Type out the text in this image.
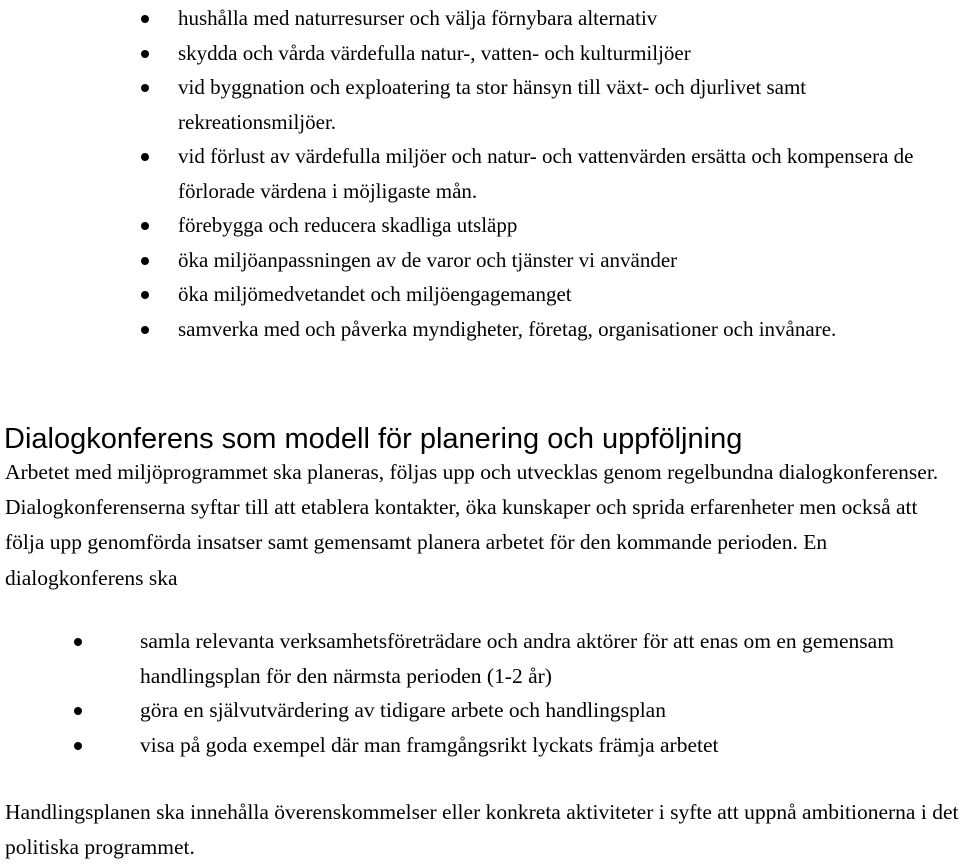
hushålla med naturresurser och välja förnybara alternativ
skydda och vårda värdefulla natur-, vatten- och kulturmiljöer
vid byggnation och exploatering ta stor hänsyn till växt- och djurlivet samt rekreationsmiljöer.
vid förlust av värdefulla miljöer och natur- och vattenvärden ersätta och kompensera de förlorade värdena i möjligaste mån.
förebygga och reducera skadliga utsläpp
öka miljöanpassningen av de varor och tjänster vi använder
öka miljömedvetandet och miljöengagemanget
samverka med och påverka myndigheter, företag, organisationer och invånare.
Dialogkonferens som modell för planering och uppföljning

Arbetet med miljöprogrammet ska planeras, följas upp och utvecklas genom regelbundna dialogkonferenser. Dialogkonferenserna syftar till att etablera kontakter, öka kunskaper och sprida erfarenheter men också att följa upp genomförda insatser samt gemensamt planera arbetet för den kommande perioden. En dialogkonferens ska

samla relevanta verksamhetsföreträdare och andra aktörer för att enas om en gemensam handlingsplan för den närmsta perioden (1-2 år)
göra en självutvärdering av tidigare arbete och handlingsplan
visa på goda exempel där man framgångsrikt lyckats främja arbetet

Handlingsplanen ska innehålla överenskommelser eller konkreta aktiviteter i syfte att uppnå ambitionerna i det politiska programmet.
